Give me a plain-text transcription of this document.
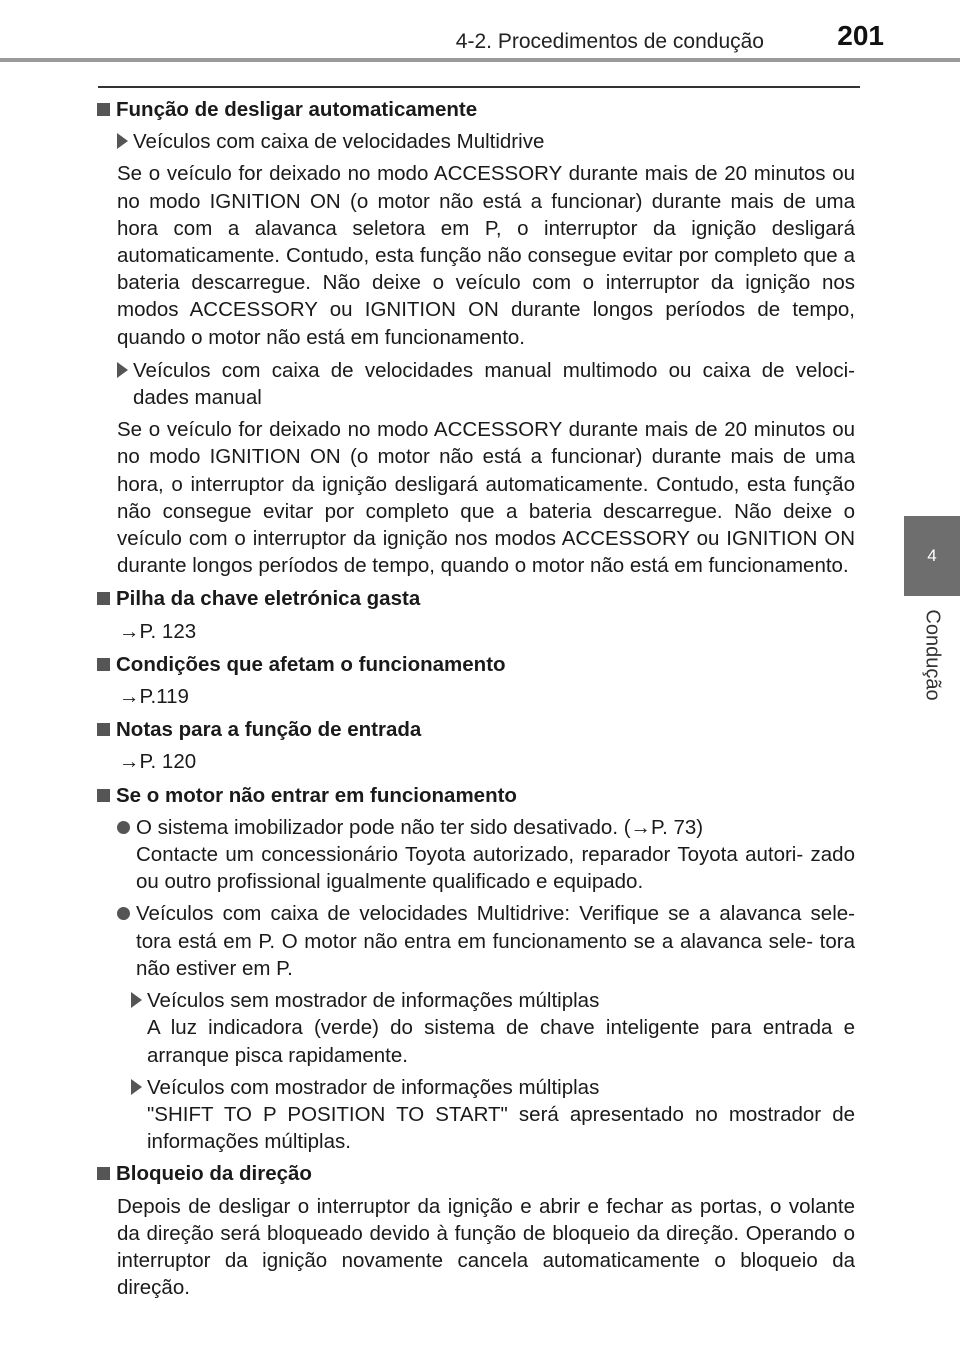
4-2. Procedimentos de condução	201
4
Condução
Função de desligar automaticamente
Veículos com caixa de velocidades Multidrive
Se o veículo for deixado no modo ACCESSORY durante mais de 20 minutos ou no modo IGNITION ON (o motor não está a funcionar) durante mais de uma hora com a alavanca seletora em P, o interruptor da ignição desligará automaticamente. Contudo, esta função não consegue evitar por completo que a bateria descarregue. Não deixe o veículo com o interruptor da ignição nos modos ACCESSORY ou IGNITION ON durante longos períodos de tempo, quando o motor não está em funcionamento.
Veículos com caixa de velocidades manual multimodo ou caixa de veloci- dades manual
Se o veículo for deixado no modo ACCESSORY durante mais de 20 minutos ou no modo IGNITION ON (o motor não está a funcionar) durante mais de uma hora, o interruptor da ignição desligará automaticamente. Contudo, esta função não consegue evitar por completo que a bateria descarregue. Não deixe o veículo com o interruptor da ignição nos modos ACCESSORY ou IGNITION ON durante longos períodos de tempo, quando o motor não está em funcionamento.
Pilha da chave eletrónica gasta
→P. 123
Condições que afetam o funcionamento
→P.119
Notas para a função de entrada
→P. 120
Se o motor não entrar em funcionamento
O sistema imobilizador pode não ter sido desativado. (→P. 73)
Contacte um concessionário Toyota autorizado, reparador Toyota autori- zado ou outro profissional igualmente qualificado e equipado.
Veículos com caixa de velocidades Multidrive: Verifique se a alavanca sele- tora está em P. O motor não entra em funcionamento se a alavanca sele- tora não estiver em P.
Veículos sem mostrador de informações múltiplas
A luz indicadora (verde) do sistema de chave inteligente para entrada e arranque pisca rapidamente.
Veículos com mostrador de informações múltiplas
"SHIFT TO P POSITION TO START" será apresentado no mostrador de informações múltiplas.
Bloqueio da direção
Depois de desligar o interruptor da ignição e abrir e fechar as portas, o volante da direção será bloqueado devido à função de bloqueio da direção. Operando o interruptor da ignição novamente cancela automaticamente o bloqueio da direção.
